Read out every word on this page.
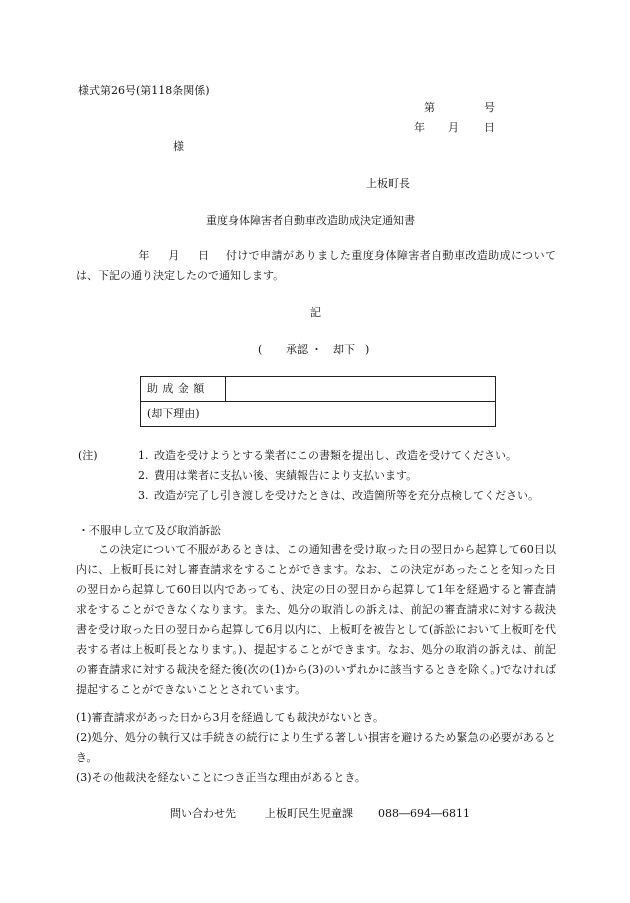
様式第26号(第118条関係)
第	号
年 月 日
様
上板町長
重度身体障害者自動車改造助成決定通知書
年 月 日 付けで申請がありました重度身体障害者自動車改造助成については、下記の通り決定したので通知します。
記
( 承認 ・ 却下 )
助成金額	
(却下理由)
(注)	1. 改造を受けようとする業者にこの書類を提出し、改造を受けてください。
2. 費用は業者に支払い後、実績報告により支払います。
3. 改造が完了し引き渡しを受けたときは、改造箇所等を充分点検してください。
・不服申し立て及び取消訴訟
この決定について不服があるときは、この通知書を受け取った日の翌日から起算して60日以内に、上板町長に対し審査請求をすることができます。なお、この決定があったことを知った日の翌日から起算して60日以内であっても、決定の日の翌日から起算して1年を経過すると審査請求をすることができなくなります。また、処分の取消しの訴えは、前記の審査請求に対する裁決書を受け取った日の翌日から起算して6月以内に、上板町を被告として(訴訟において上板町を代表する者は上板町長となります。)、提起することができます。なお、処分の取消の訴えは、前記の審査請求に対する裁決を経た後(次の(1)から(3)のいずれかに該当するときを除く。)でなければ提起することができないこととされています。
(1)審査請求があった日から3月を経過しても裁決がないとき。
(2)処分、処分の執行又は手続きの続行により生ずる著しい損害を避けるため緊急の必要があるとき。
(3)その他裁決を経ないことにつき正当な理由があるとき。
問い合わせ先	上板町民生児童課 088―694―6811
